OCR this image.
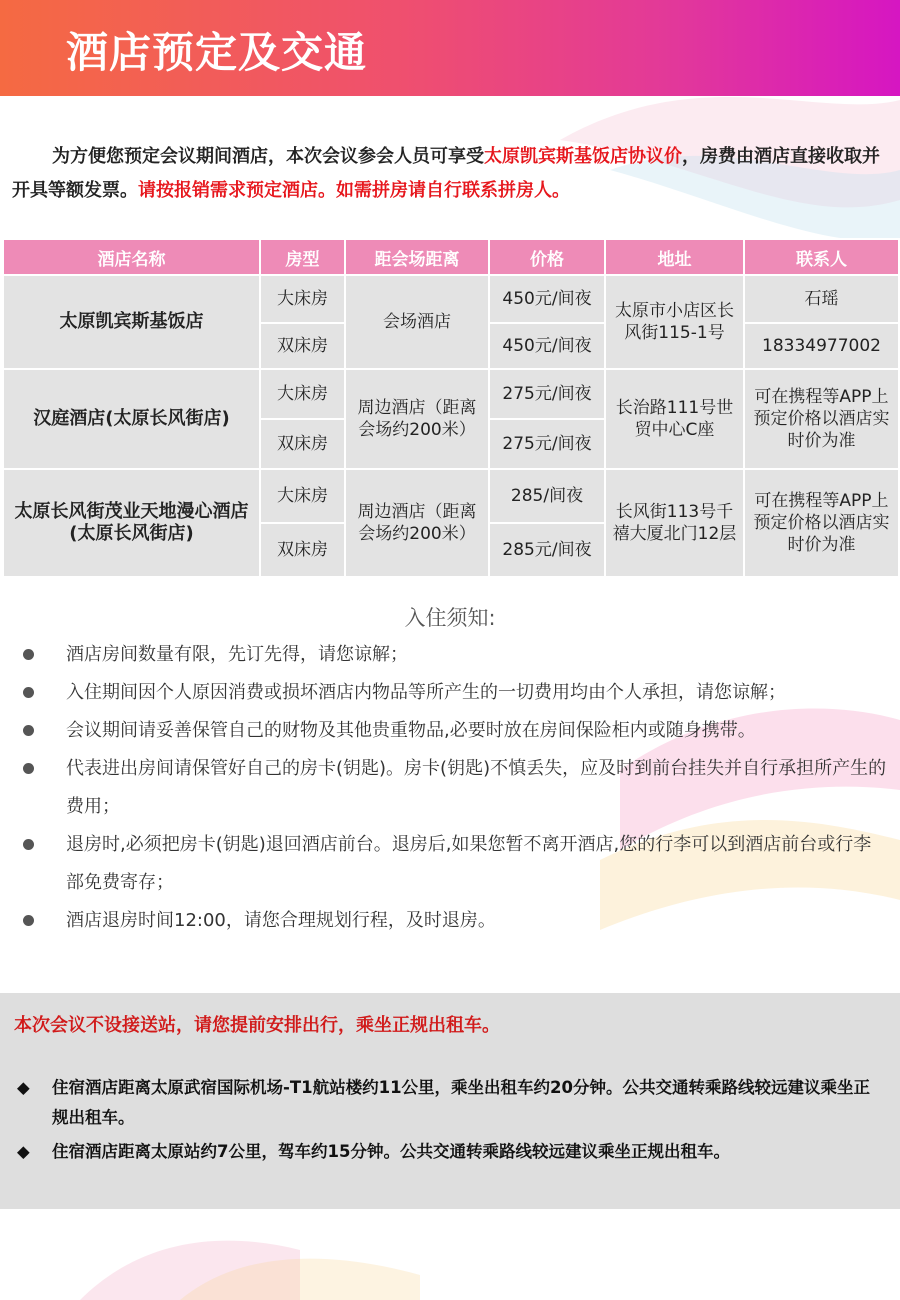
酒店预定及交通
为方便您预定会议期间酒店，本次会议参会人员可享受太原凯宾斯基饭店协议价，房费由酒店直接收取并开具等额发票。请按报销需求预定酒店。如需拼房请自行联系拼房人。
酒店名称	房型	距会场距离	价格	地址	联系人
太原凯宾斯基饭店	大床房	会场酒店	450元/间夜	太原市小店区长风街115-1号	石瑶
	双床房		450元/间夜		18334977002
汉庭酒店(太原长风街店)	大床房	周边酒店（距离会场约200米）	275元/间夜	长治路111号世贸中心C座	可在携程等APP上预定价格以酒店实时价为准
	双床房		275元/间夜		
太原长风街茂业天地漫心酒店(太原长风街店)	大床房	周边酒店（距离会场约200米）	285/间夜	长风街113号千禧大厦北门12层	可在携程等APP上预定价格以酒店实时价为准
	双床房		285元/间夜		
入住须知:
酒店房间数量有限，先订先得，请您谅解；
入住期间因个人原因消费或损坏酒店内物品等所产生的一切费用均由个人承担，请您谅解；
会议期间请妥善保管自己的财物及其他贵重物品,必要时放在房间保险柜内或随身携带。
代表进出房间请保管好自己的房卡(钥匙)。房卡(钥匙)不慎丢失，应及时到前台挂失并自行承担所产生的费用；
退房时,必须把房卡(钥匙)退回酒店前台。退房后,如果您暂不离开酒店,您的行李可以到酒店前台或行李部免费寄存；
酒店退房时间12:00，请您合理规划行程，及时退房。
本次会议不设接送站，请您提前安排出行，乘坐正规出租车。
◆ 住宿酒店距离太原武宿国际机场-T1航站楼约11公里，乘坐出租车约20分钟。公共交通转乘路线较远建议乘坐正规出租车。
◆ 住宿酒店距离太原站约7公里，驾车约15分钟。公共交通转乘路线较远建议乘坐正规出租车。
